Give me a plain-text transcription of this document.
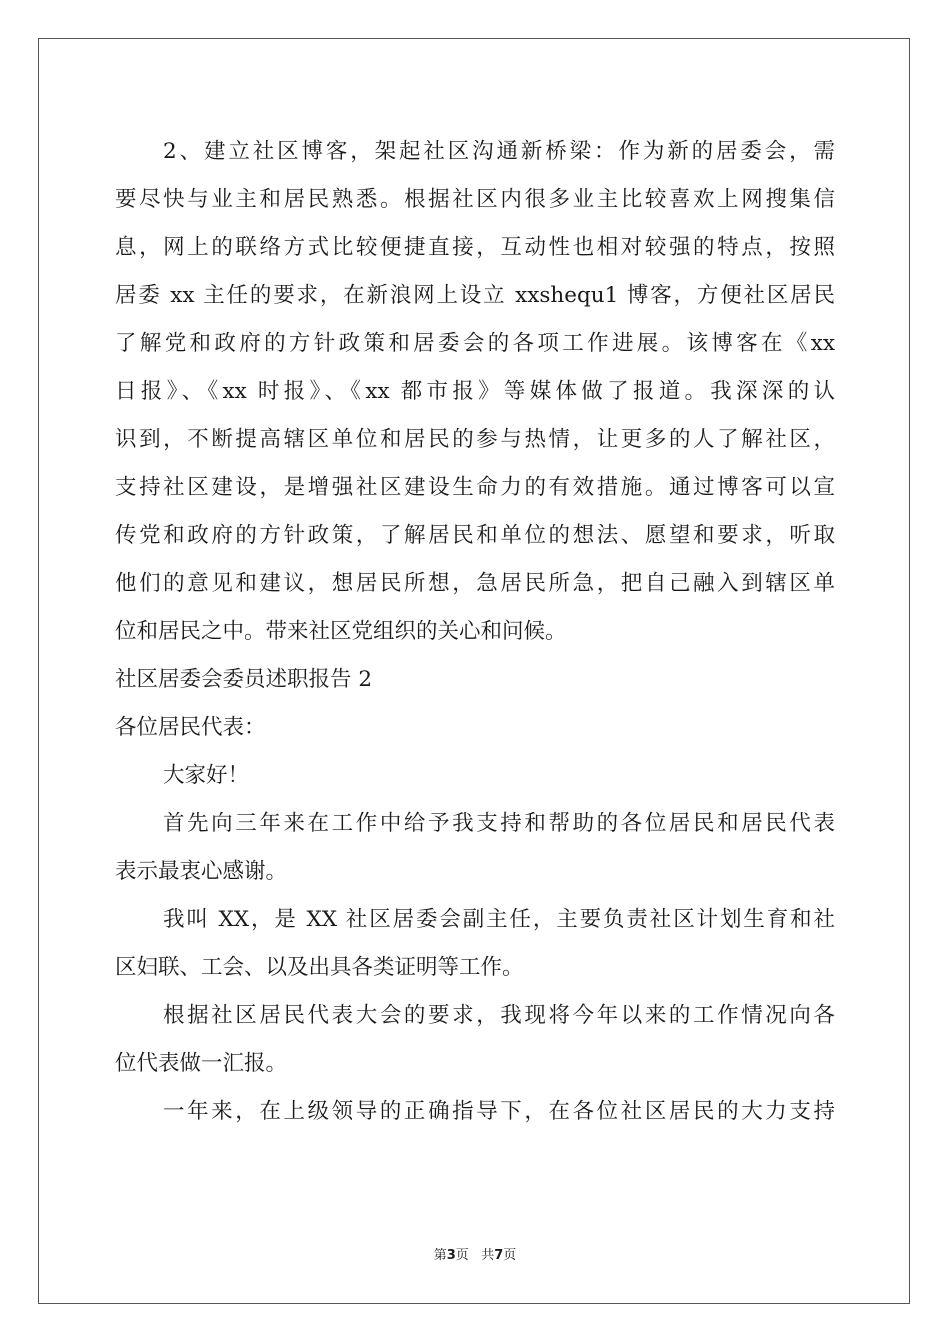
2、建立社区博客，架起社区沟通新桥梁：作为新的居委会，需
要尽快与业主和居民熟悉。根据社区内很多业主比较喜欢上网搜集信
息，网上的联络方式比较便捷直接，互动性也相对较强的特点，按照
居委 xx 主任的要求，在新浪网上设立 xxshequ1 博客，方便社区居民
了解党和政府的方针政策和居委会的各项工作进展。该博客在《xx
日报》、《xx 时报》、《xx 都市报》等媒体做了报道。我深深的认
识到，不断提高辖区单位和居民的参与热情，让更多的人了解社区，
支持社区建设，是增强社区建设生命力的有效措施。通过博客可以宣
传党和政府的方针政策，了解居民和单位的想法、愿望和要求，听取
他们的意见和建议，想居民所想，急居民所急，把自己融入到辖区单
位和居民之中。带来社区党组织的关心和问候。
社区居委会委员述职报告 2
各位居民代表：
大家好！
首先向三年来在工作中给予我支持和帮助的各位居民和居民代表
表示最衷心感谢。
我叫 XX，是 XX 社区居委会副主任，主要负责社区计划生育和社
区妇联、工会、以及出具各类证明等工作。
根据社区居民代表大会的要求，我现将今年以来的工作情况向各
位代表做一汇报。
一年来，在上级领导的正确指导下，在各位社区居民的大力支持
第3页 共7页
